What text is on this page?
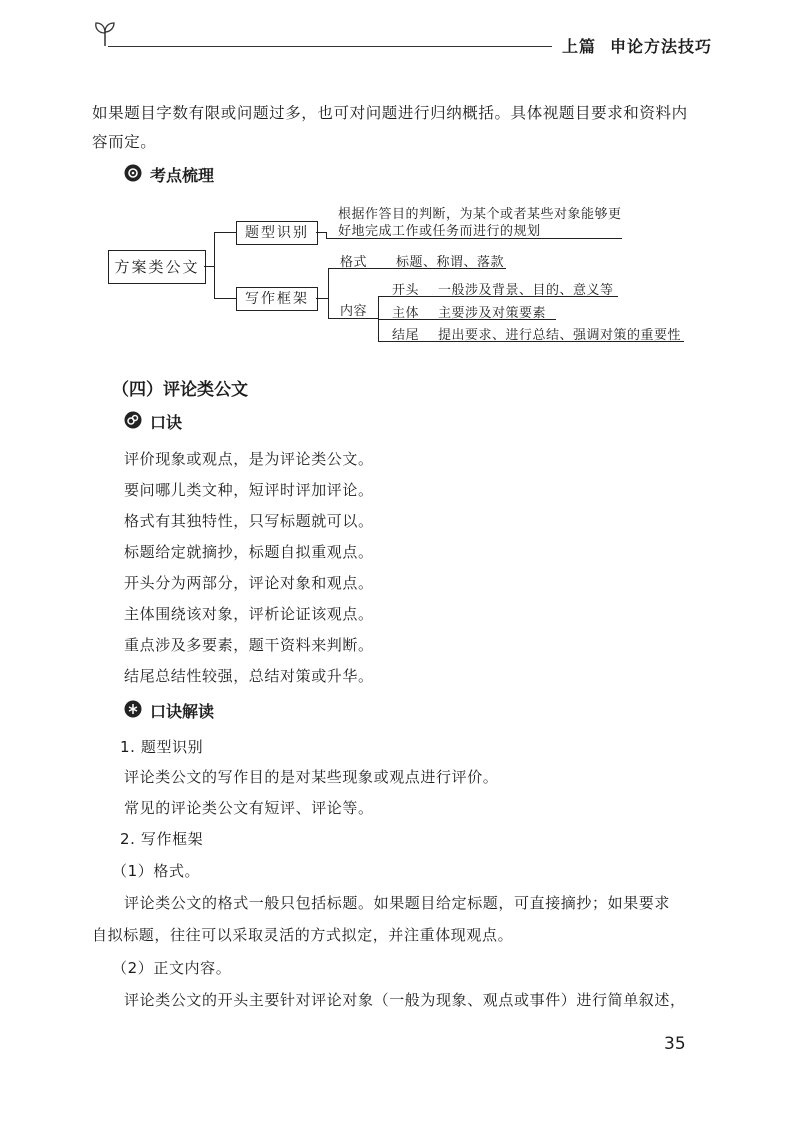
上篇 申论方法技巧
如果题目字数有限或问题过多，也可对问题进行归纳概括。具体视题目要求和资料内
容而定。
考点梳理
方案类公文
题型识别
写作框架
根据作答目的判断，为某个或者某些对象能够更
好地完成工作或任务而进行的规划
格式 标题、称谓、落款
内容
开头 一般涉及背景、目的、意义等
主体 主要涉及对策要素
结尾 提出要求、进行总结、强调对策的重要性
（四）评论类公文
口诀
评价现象或观点，是为评论类公文。
要问哪儿类文种，短评时评加评论。
格式有其独特性，只写标题就可以。
标题给定就摘抄，标题自拟重观点。
开头分为两部分，评论对象和观点。
主体围绕该对象，评析论证该观点。
重点涉及多要素，题干资料来判断。
结尾总结性较强，总结对策或升华。
口诀解读
1. 题型识别
评论类公文的写作目的是对某些现象或观点进行评价。
常见的评论类公文有短评、评论等。
2. 写作框架
（1）格式。
评论类公文的格式一般只包括标题。如果题目给定标题，可直接摘抄；如果要求
自拟标题，往往可以采取灵活的方式拟定，并注重体现观点。
（2）正文内容。
评论类公文的开头主要针对评论对象（一般为现象、观点或事件）进行简单叙述，
35
